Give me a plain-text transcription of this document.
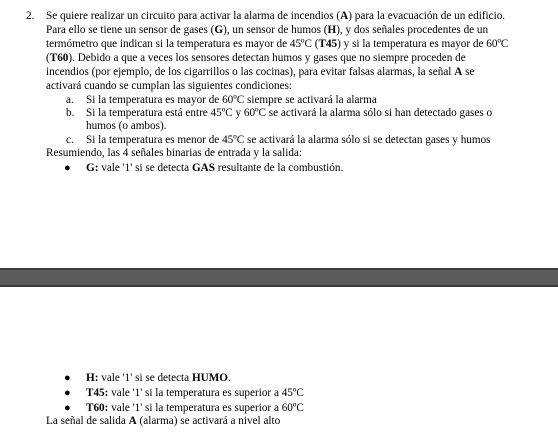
2. Se quiere realizar un circuito para activar la alarma de incendios (A) para la evacuación de un edificio.
Para ello se tiene un sensor de gases (G), un sensor de humos (H), y dos señales procedentes de un
termómetro que indican si la temperatura es mayor de 45ºC (T45) y si la temperatura es mayor de 60ºC
(T60). Debido a que a veces los sensores detectan humos y gases que no siempre proceden de
incendios (por ejemplo, de los cigarrillos o las cocinas), para evitar falsas alarmas, la señal A se
activará cuando se cumplan las siguientes condiciones:
a. Si la temperatura es mayor de 60ºC siempre se activará la alarma
b. Si la temperatura está entre 45ºC y 60ºC se activará la alarma sólo si han detectado gases o
humos (o ambos).
c. Si la temperatura es menor de 45ºC se activará la alarma sólo si se detectan gases y humos
Resumiendo, las 4 señales binarias de entrada y la salida:
● G: vale '1' si se detecta GAS resultante de la combustión.
● H: vale '1' si se detecta HUMO.
● T45: vale '1' si la temperatura es superior a 45ºC
● T60: vale '1' si la temperatura es superior a 60ºC
La señal de salida A (alarma) se activará a nivel alto
